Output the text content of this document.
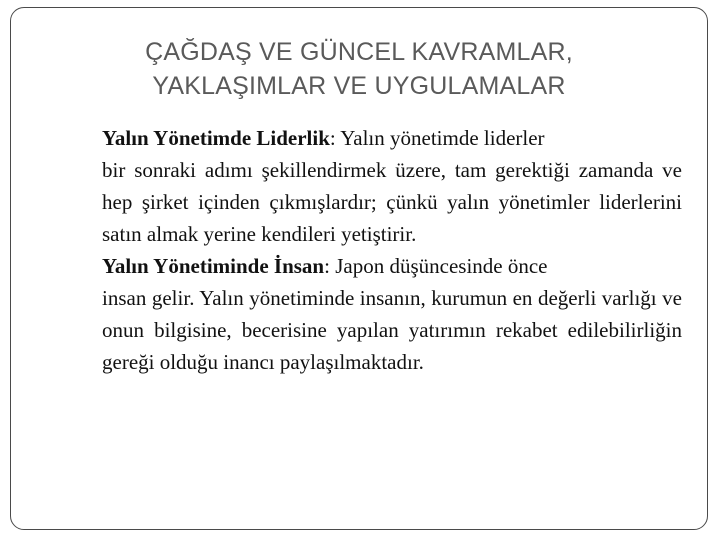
ÇAĞDAŞ VE GÜNCEL KAVRAMLAR,
YAKLAŞIMLAR VE UYGULAMALAR
Yalın Yönetimde Liderlik: Yalın yönetimde liderler
bir sonraki adımı şekillendirmek üzere, tam gerektiği zamanda ve hep şirket içinden çıkmışlardır; çünkü yalın yönetimler liderlerini satın almak yerine kendileri yetiştirir.
Yalın Yönetiminde İnsan: Japon düşüncesinde önce
insan gelir. Yalın yönetiminde insanın, kurumun en değerli varlığı ve onun bilgisine, becerisine yapılan yatırımın rekabet edilebilirliğin gereği olduğu inancı paylaşılmaktadır.
